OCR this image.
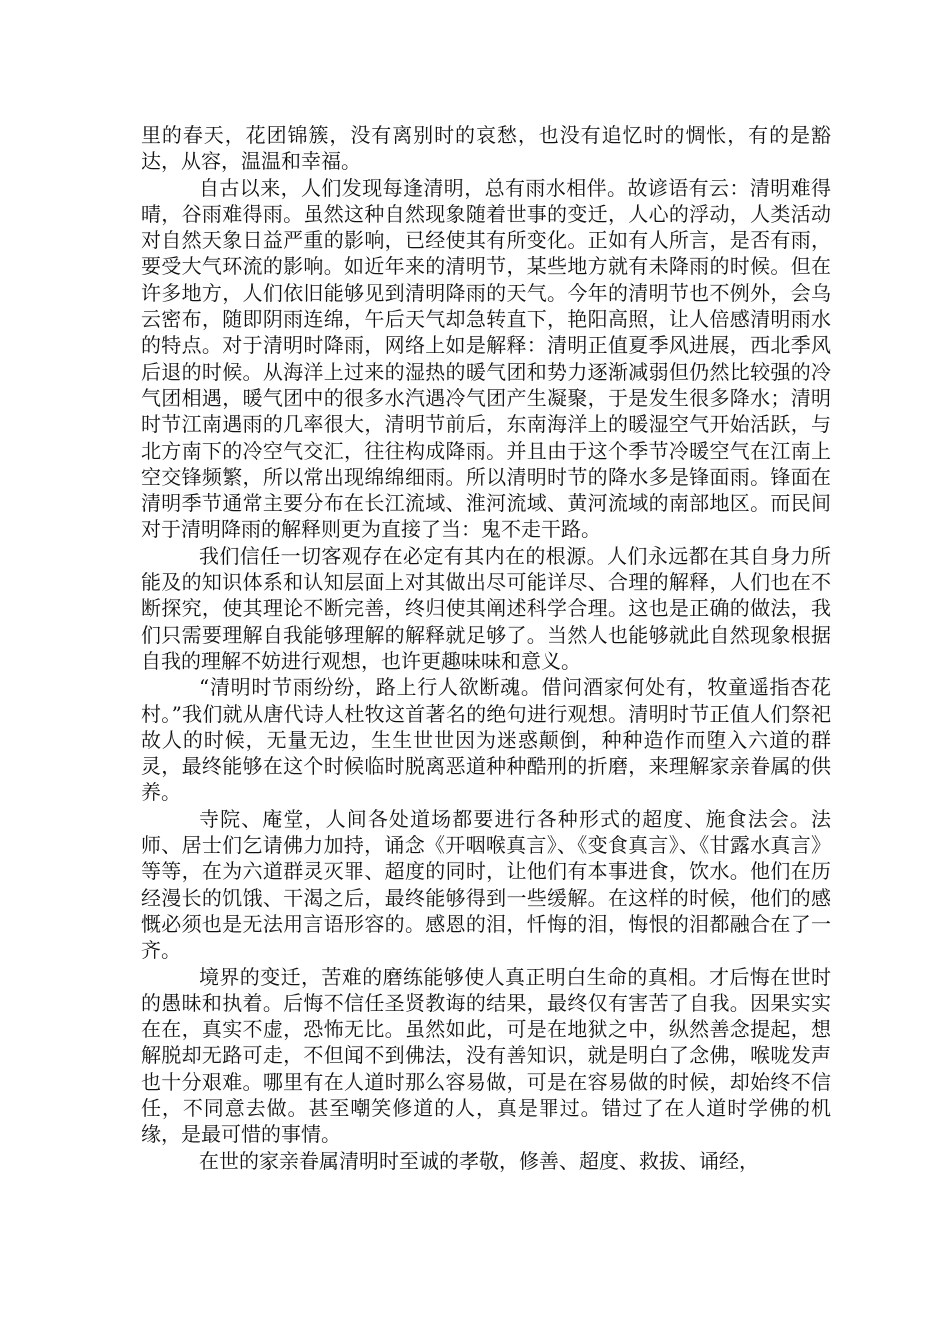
里的春天，花团锦簇，没有离别时的哀愁，也没有追忆时的惆怅，有的是豁达，从容，温温和幸福。

自古以来，人们发现每逢清明，总有雨水相伴。故谚语有云：清明难得晴，谷雨难得雨。虽然这种自然现象随着世事的变迁，人心的浮动，人类活动对自然天象日益严重的影响，已经使其有所变化。正如有人所言，是否有雨，要受大气环流的影响。如近年来的清明节，某些地方就有未降雨的时候。但在许多地方，人们依旧能够见到清明降雨的天气。今年的清明节也不例外，会乌云密布，随即阴雨连绵，午后天气却急转直下，艳阳高照，让人倍感清明雨水的特点。对于清明时降雨，网络上如是解释：清明正值夏季风进展，西北季风后退的时候。从海洋上过来的湿热的暖气团和势力逐渐减弱但仍然比较强的冷气团相遇，暖气团中的很多水汽遇冷气团产生凝聚，于是发生很多降水；清明时节江南遇雨的几率很大，清明节前后，东南海洋上的暖湿空气开始活跃，与北方南下的冷空气交汇，往往构成降雨。并且由于这个季节冷暖空气在江南上空交锋频繁，所以常出现绵绵细雨。所以清明时节的降水多是锋面雨。锋面在清明季节通常主要分布在长江流域、淮河流域、黄河流域的南部地区。而民间对于清明降雨的解释则更为直接了当：鬼不走干路。

我们信任一切客观存在必定有其内在的根源。人们永远都在其自身力所能及的知识体系和认知层面上对其做出尽可能详尽、合理的解释，人们也在不断探究，使其理论不断完善，终归使其阐述科学合理。这也是正确的做法，我们只需要理解自我能够理解的解释就足够了。当然人也能够就此自然现象根据自我的理解不妨进行观想，也许更趣味味和意义。

“清明时节雨纷纷，路上行人欲断魂。借问酒家何处有，牧童遥指杏花村。”我们就从唐代诗人杜牧这首著名的绝句进行观想。清明时节正值人们祭祀故人的时候，无量无边，生生世世因为迷惑颠倒，种种造作而堕入六道的群灵，最终能够在这个时候临时脱离恶道种种酷刑的折磨，来理解家亲眷属的供养。

寺院、庵堂，人间各处道场都要进行各种形式的超度、施食法会。法师、居士们乞请佛力加持，诵念《开咽喉真言》、《变食真言》、《甘露水真言》等等，在为六道群灵灭罪、超度的同时，让他们有本事进食，饮水。他们在历经漫长的饥饿、干渴之后，最终能够得到一些缓解。在这样的时候，他们的感慨必须也是无法用言语形容的。感恩的泪，忏悔的泪，悔恨的泪都融合在了一齐。

境界的变迁，苦难的磨练能够使人真正明白生命的真相。才后悔在世时的愚昧和执着。后悔不信任圣贤教诲的结果，最终仅有害苦了自我。因果实实在在，真实不虚，恐怖无比。虽然如此，可是在地狱之中，纵然善念提起，想解脱却无路可走，不但闻不到佛法，没有善知识，就是明白了念佛，喉咙发声也十分艰难。哪里有在人道时那么容易做，可是在容易做的时候，却始终不信任，不同意去做。甚至嘲笑修道的人，真是罪过。错过了在人道时学佛的机缘，是最可惜的事情。

在世的家亲眷属清明时至诚的孝敬，修善、超度、救拔、诵经，
